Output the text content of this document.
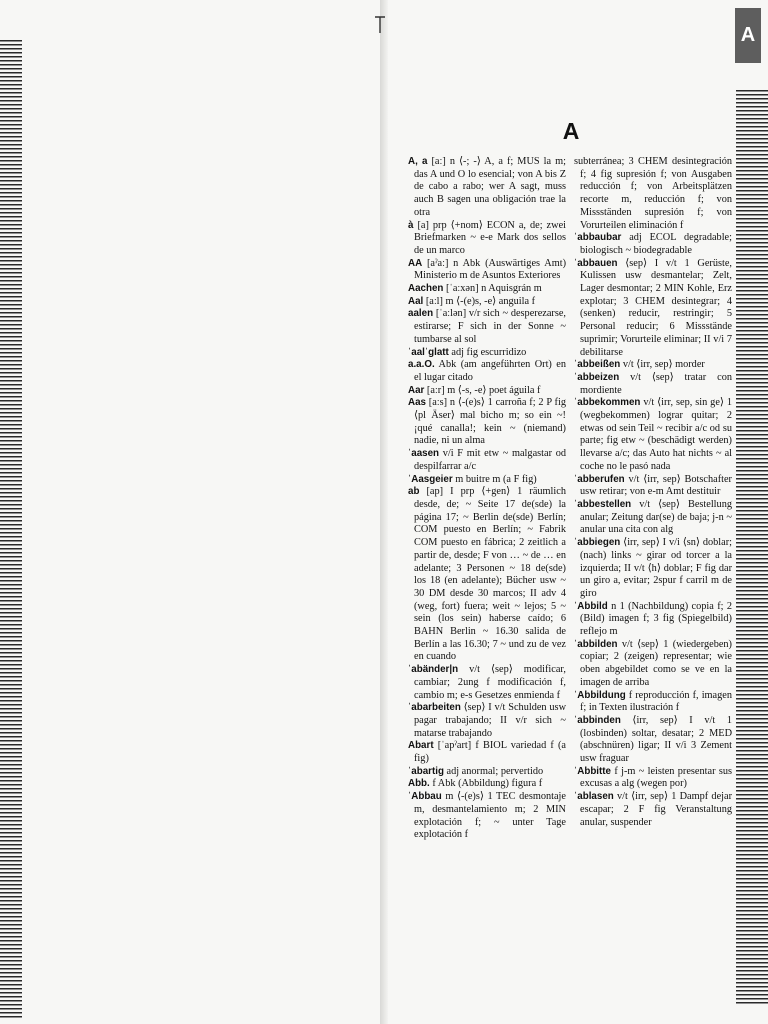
A
A

A, a [aː] n ⟨-; -⟩ A, a f; MUS la m; das A und O lo esencial; von A bis Z de cabo a rabo; wer A sagt, muss auch B sagen una obligación trae la otra

à [a] prp ⟨+nom⟩ ECON a, de; zwei Briefmarken ~ e-e Mark dos sellos de un marco

AA [aˀaː] n Abk (Auswärtiges Amt) Ministerio m de Asuntos Exteriores

Aachen [ˈaːxən] n Aquisgrán m

Aal [aːl] m ⟨-(e)s, -e⟩ anguila f

aalen [ˈaːlən] v/r sich ~ desperezarse, estirarse; F sich in der Sonne ~ tumbarse al sol

ˈaalˈglatt adj fig escurridizo

a.a.O. Abk (am angeführten Ort) en el lugar citado

Aar [aːr] m ⟨-s, -e⟩ poet águila f

Aas [aːs] n ⟨-(e)s⟩ 1 carroña f; 2 P fig ⟨pl Äser⟩ mal bicho m; so ein ~! ¡qué canalla!; kein ~ (niemand) nadie, ni un alma

ˈaasen v/i F mit etw ~ malgastar od despilfarrar a/c

ˈAasgeier m buitre m (a F fig)

ab [ap] I prp ⟨+gen⟩ 1 räumlich desde, de; ~ Seite 17 de(sde) la página 17; ~ Berlin de(sde) Berlín; COM puesto en Berlín; ~ Fabrik COM puesto en fábrica; 2 zeitlich a partir de, desde; F von … ~ de … en adelante; 3 Personen ~ 18 de(sde) los 18 (en adelante); Bücher usw ~ 30 DM desde 30 marcos; II adv 4 (weg, fort) fuera; weit ~ lejos; 5 ~ sein (los sein) haberse caído; 6 BAHN Berlin ~ 16.30 salida de Berlín a las 16.30; 7 ~ und zu de vez en cuando

ˈabänder|n v/t ⟨sep⟩ modificar, cambiar; 2ung f modificación f, cambio m; e-s Gesetzes enmienda f

ˈabarbeiten ⟨sep⟩ I v/t Schulden usw pagar trabajando; II v/r sich ~ matarse trabajando

Abart [ˈapˀart] f BIOL variedad f (a fig)

ˈabartig adj anormal; pervertido

Abb. f Abk (Abbildung) figura f

ˈAbbau m ⟨-(e)s⟩ 1 TEC desmontaje m, desmantelamiento m; 2 MIN explotación f; ~ unter Tage explotación f

subterránea; 3 CHEM desintegración f; 4 fig supresión f; von Ausgaben reducción f; von Arbeitsplätzen recorte m, reducción f; von Missständen supresión f; von Vorurteilen eliminación f

ˈabbaubar adj ECOL degradable; biologisch ~ biodegradable

ˈabbauen ⟨sep⟩ I v/t 1 Gerüste, Kulissen usw desmantelar; Zelt, Lager desmontar; 2 MIN Kohle, Erz explotar; 3 CHEM desintegrar; 4 (senken) reducir, restringir; 5 Personal reducir; 6 Missstände suprimir; Vorurteile eliminar; II v/i 7 debilitarse

ˈabbeißen v/t ⟨irr, sep⟩ morder

ˈabbeizen v/t ⟨sep⟩ tratar con mordiente

ˈabbekommen v/t ⟨irr, sep, sin ge⟩ 1 (wegbekommen) lograr quitar; 2 etwas od sein Teil ~ recibir a/c od su parte; fig etw ~ (beschädigt werden) llevarse a/c; das Auto hat nichts ~ al coche no le pasó nada

ˈabberufen v/t ⟨irr, sep⟩ Botschafter usw retirar; von e-m Amt destituir

ˈabbestellen v/t ⟨sep⟩ Bestellung anular; Zeitung dar(se) de baja; j-n ~ anular una cita con alg

ˈabbiegen ⟨irr, sep⟩ I v/i ⟨sn⟩ doblar; (nach) links ~ girar od torcer a la izquierda; II v/t ⟨h⟩ doblar; F fig dar un giro a, evitar; 2spur f carril m de giro

ˈAbbild n 1 (Nachbildung) copia f; 2 (Bild) imagen f; 3 fig (Spiegelbild) reflejo m

ˈabbilden v/t ⟨sep⟩ 1 (wiedergeben) copiar; 2 (zeigen) representar; wie oben abgebildet como se ve en la imagen de arriba

ˈAbbildung f reproducción f, imagen f; in Texten ilustración f

ˈabbinden ⟨irr, sep⟩ I v/t 1 (losbinden) soltar, desatar; 2 MED (abschnüren) ligar; II v/i 3 Zement usw fraguar

ˈAbbitte f j-m ~ leisten presentar sus excusas a alg (wegen por)

ˈablasen v/t ⟨irr, sep⟩ 1 Dampf dejar escapar; 2 F fig Veranstaltung anular, suspender
